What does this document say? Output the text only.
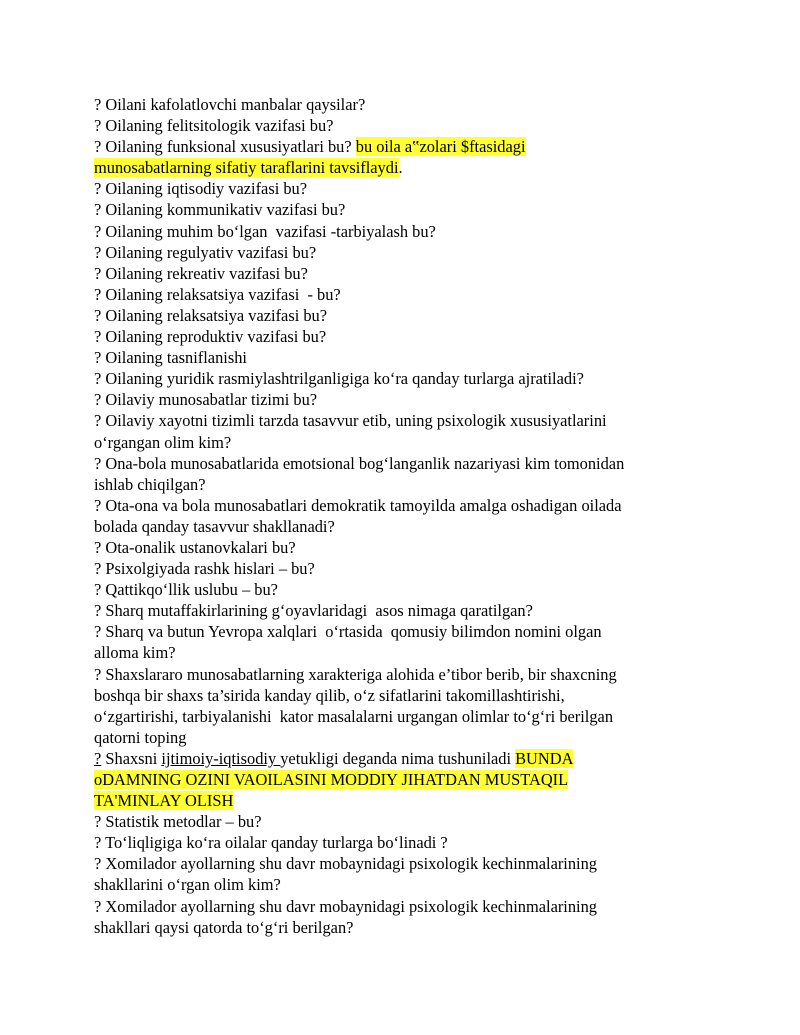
? Oilani kafolatlovchi manbalar qaysilar?
? Oilaning felitsitologik vazifasi bu?
? Oilaning funksional xususiyatlari bu? bu oila a‟zolari $ftasidagi
munosabatlarning sifatiy taraflarini tavsiflaydi.
? Oilaning iqtisodiy vazifasi bu?
? Oilaning kommunikativ vazifasi bu?
? Oilaning muhim bo‘lgan  vazifasi -tarbiyalash bu?
? Oilaning regulyativ vazifasi bu?
? Oilaning rekreativ vazifasi bu?
? Oilaning relaksatsiya vazifasi  - bu?
? Oilaning relaksatsiya vazifasi bu?
? Oilaning reproduktiv vazifasi bu?
? Oilaning tasniflanishi
? Oilaning yuridik rasmiylashtrilganligiga ko‘ra qanday turlarga ajratiladi?
? Oilaviy munosabatlar tizimi bu?
? Oilaviy xayotni tizimli tarzda tasavvur etib, uning psixologik xususiyatlarini
o‘rgangan olim kim?
? Ona-bola munosabatlarida emotsional bog‘langanlik nazariyasi kim tomonidan
ishlab chiqilgan?
? Ota-ona va bola munosabatlari demokratik tamoyilda amalga oshadigan oilada
bolada qanday tasavvur shakllanadi?
? Ota-onalik ustanovkalari bu?
? Psixolgiyada rashk hislari – bu?
? Qattikqo‘llik uslubu – bu?
? Sharq mutaffakirlarining g‘oyavlaridagi  asos nimaga qaratilgan?
? Sharq va butun Yevropa xalqlari  o‘rtasida  qomusiy bilimdon nomini olgan
alloma kim?
? Shaxslararo munosabatlarning xarakteriga alohida e’tibor berib, bir shaxcning
boshqa bir shaxs ta’sirida kanday qilib, o‘z sifatlarini takomillashtirishi,
o‘zgartirishi, tarbiyalanishi  kator masalalarni urgangan olimlar to‘g‘ri berilgan
qatorni toping
? Shaxsni ijtimoiy-iqtisodiy yetukligi deganda nima tushuniladi BUNDA
oDAMNING OZINI VAOILASINI MODDIY JIHATDAN MUSTAQIL
TA'MINLAY OLISH
? Statistik metodlar – bu?
? To‘liqligiga ko‘ra oilalar qanday turlarga bo‘linadi ?
? Xomilador ayollarning shu davr mobaynidagi psixologik kechinmalarining
shakllarini o‘rgan olim kim?
? Xomilador ayollarning shu davr mobaynidagi psixologik kechinmalarining
shakllari qaysi qatorda to‘g‘ri berilgan?
